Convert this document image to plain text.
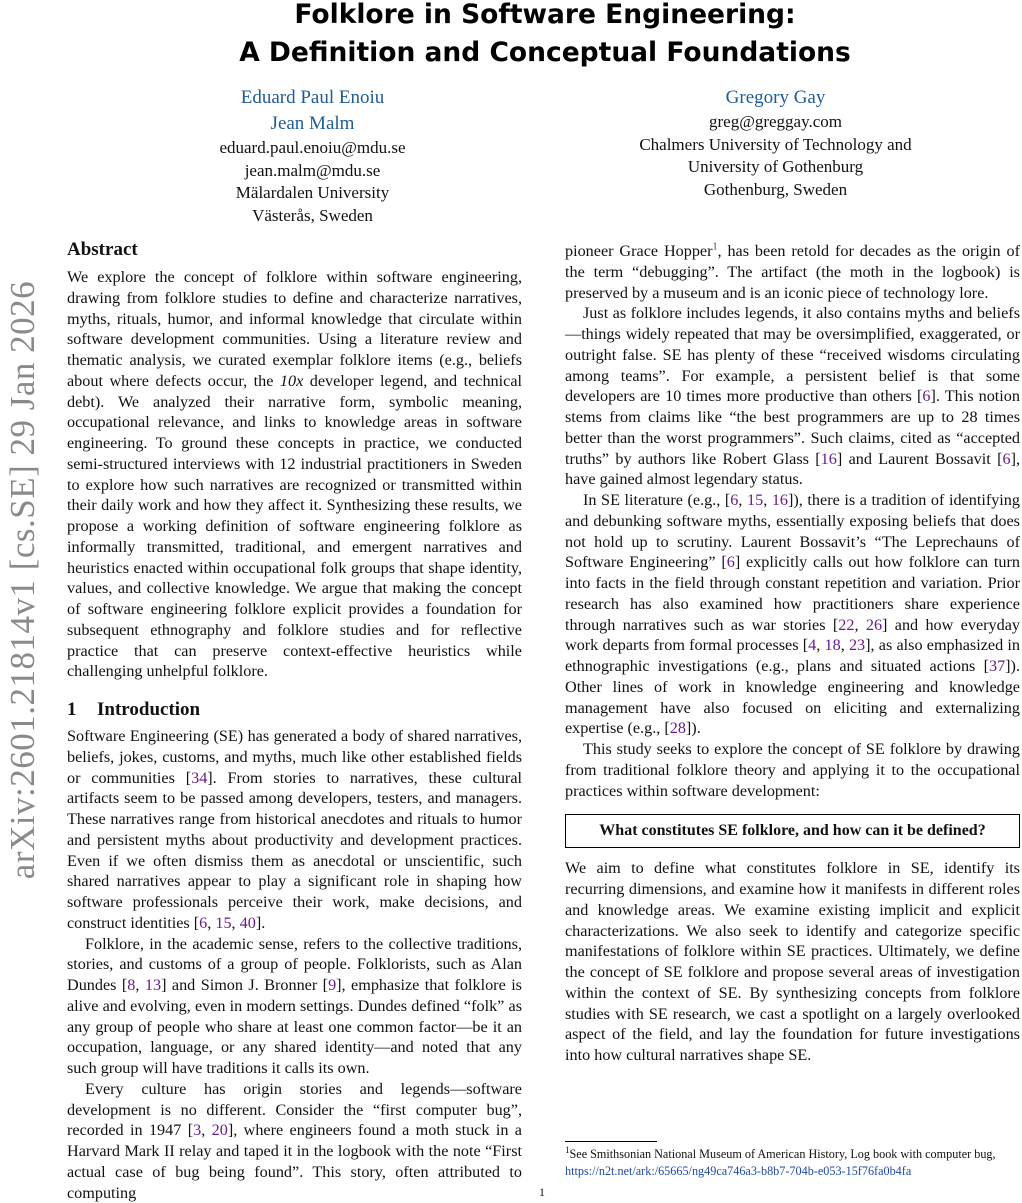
arXiv:2601.21814v1 [cs.SE] 29 Jan 2026
Folklore in Software Engineering:
A Definition and Conceptual Foundations
Eduard Paul Enoiu
Jean Malm
eduard.paul.enoiu@mdu.se
jean.malm@mdu.se
Mälardalen University
Västerås, Sweden
Gregory Gay
greg@greggay.com
Chalmers University of Technology and
University of Gothenburg
Gothenburg, Sweden
Abstract

We explore the concept of folklore within software engineering, drawing from folklore studies to define and characterize narratives, myths, rituals, humor, and informal knowledge that circulate within software development communities. Using a literature review and thematic analysis, we curated exemplar folklore items (e.g., beliefs about where defects occur, the 10x developer legend, and technical debt). We analyzed their narrative form, symbolic meaning, occupational relevance, and links to knowledge areas in software engineering. To ground these concepts in practice, we conducted semi-structured interviews with 12 industrial practitioners in Sweden to explore how such narratives are recognized or transmitted within their daily work and how they affect it. Synthesizing these results, we propose a working definition of software engineering folklore as informally transmitted, traditional, and emergent narratives and heuristics enacted within occupational folk groups that shape identity, values, and collective knowledge. We argue that making the concept of software engineering folklore explicit provides a foundation for subsequent ethnography and folklore studies and for reflective practice that can preserve context-effective heuristics while challenging unhelpful folklore.

1 Introduction

Software Engineering (SE) has generated a body of shared narratives, beliefs, jokes, customs, and myths, much like other established fields or communities [34]. From stories to narratives, these cultural artifacts seem to be passed among developers, testers, and managers. These narratives range from historical anecdotes and rituals to humor and persistent myths about productivity and development practices. Even if we often dismiss them as anecdotal or unscientific, such shared narratives appear to play a significant role in shaping how software professionals perceive their work, make decisions, and construct identities [6, 15, 40].

Folklore, in the academic sense, refers to the collective traditions, stories, and customs of a group of people. Folklorists, such as Alan Dundes [8, 13] and Simon J. Bronner [9], emphasize that folklore is alive and evolving, even in modern settings. Dundes defined “folk” as any group of people who share at least one common factor—be it an occupation, language, or any shared identity—and noted that any such group will have traditions it calls its own.

Every culture has origin stories and legends—software development is no different. Consider the “first computer bug”, recorded in 1947 [3, 20], where engineers found a moth stuck in a Harvard Mark II relay and taped it in the logbook with the note “First actual case of bug being found”. This story, often attributed to computing

pioneer Grace Hopper$^1$, has been retold for decades as the origin of the term “debugging”. The artifact (the moth in the logbook) is preserved by a museum and is an iconic piece of technology lore.

Just as folklore includes legends, it also contains myths and beliefs—things widely repeated that may be oversimplified, exaggerated, or outright false. SE has plenty of these “received wisdoms circulating among teams”. For example, a persistent belief is that some developers are 10 times more productive than others [6]. This notion stems from claims like “the best programmers are up to 28 times better than the worst programmers”. Such claims, cited as “accepted truths” by authors like Robert Glass [16] and Laurent Bossavit [6], have gained almost legendary status.

In SE literature (e.g., [6, 15, 16]), there is a tradition of identifying and debunking software myths, essentially exposing beliefs that does not hold up to scrutiny. Laurent Bossavit’s “The Leprechauns of Software Engineering” [6] explicitly calls out how folklore can turn into facts in the field through constant repetition and variation. Prior research has also examined how practitioners share experience through narratives such as war stories [22, 26] and how everyday work departs from formal processes [4, 18, 23], as also emphasized in ethnographic investigations (e.g., plans and situated actions [37]). Other lines of work in knowledge engineering and knowledge management have also focused on eliciting and externalizing expertise (e.g., [28]).

This study seeks to explore the concept of SE folklore by drawing from traditional folklore theory and applying it to the occupational practices within software development:

What constitutes SE folklore, and how can it be defined?

We aim to define what constitutes folklore in SE, identify its recurring dimensions, and examine how it manifests in different roles and knowledge areas. We examine existing implicit and explicit characterizations. We also seek to identify and categorize specific manifestations of folklore within SE practices. Ultimately, we define the concept of SE folklore and propose several areas of investigation within the context of SE. By synthesizing concepts from folklore studies with SE research, we cast a spotlight on a largely overlooked aspect of the field, and lay the foundation for future investigations into how cultural narratives shape SE.

$^1$See Smithsonian National Museum of American History, Log book with computer bug, https://n2t.net/ark:/65665/ng49ca746a3-b8b7-704b-e053-15f76fa0b4fa
1
